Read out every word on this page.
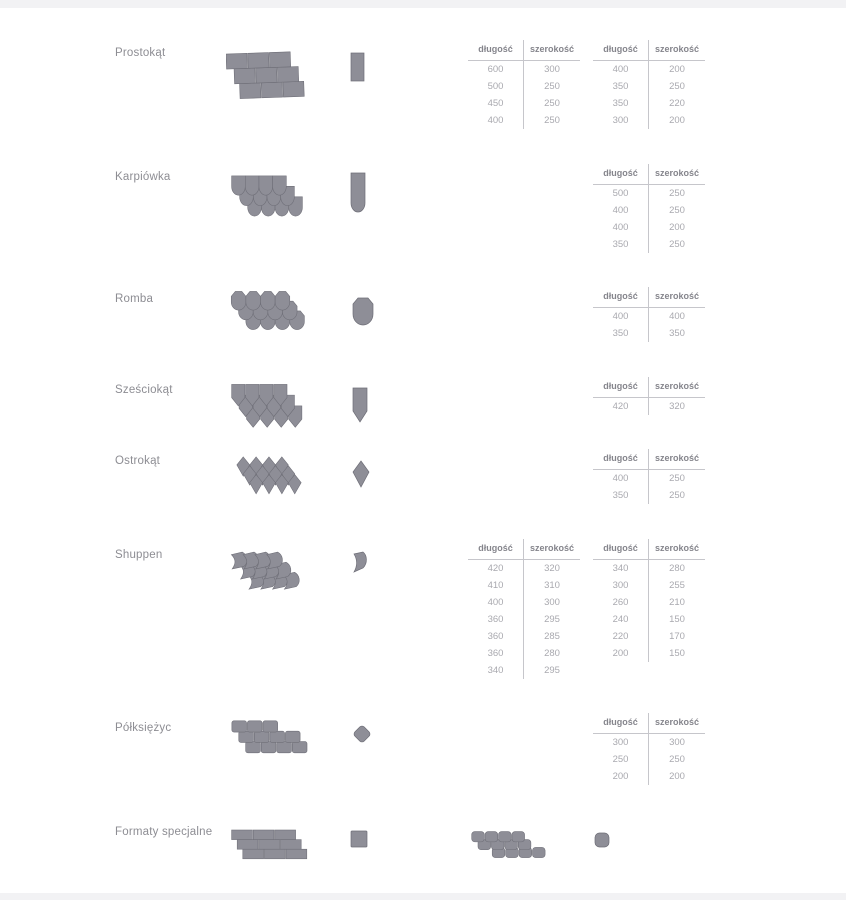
Prostokąt	długość	szerokość
600	300
500	250
450	250
400	250
długość	szerokość
400	200
350	250
350	220
300	200
Karpiówka	długość	szerokość
500	250
400	250
400	200
350	250
Romba	długość	szerokość
400	400
350	350
Sześciokąt	długość	szerokość
420	320
Ostrokąt	długość	szerokość
400	250
350	250
Shuppen
długość	szerokość
420	320
410	310
400	300
360	295
360	285
360	280
340	295
długość	szerokość
340	280
300	255
260	210
240	150
220	170
200	150
Półksiężyc	długość	szerokość
300	300
250	250
200	200
Formaty specjalne
